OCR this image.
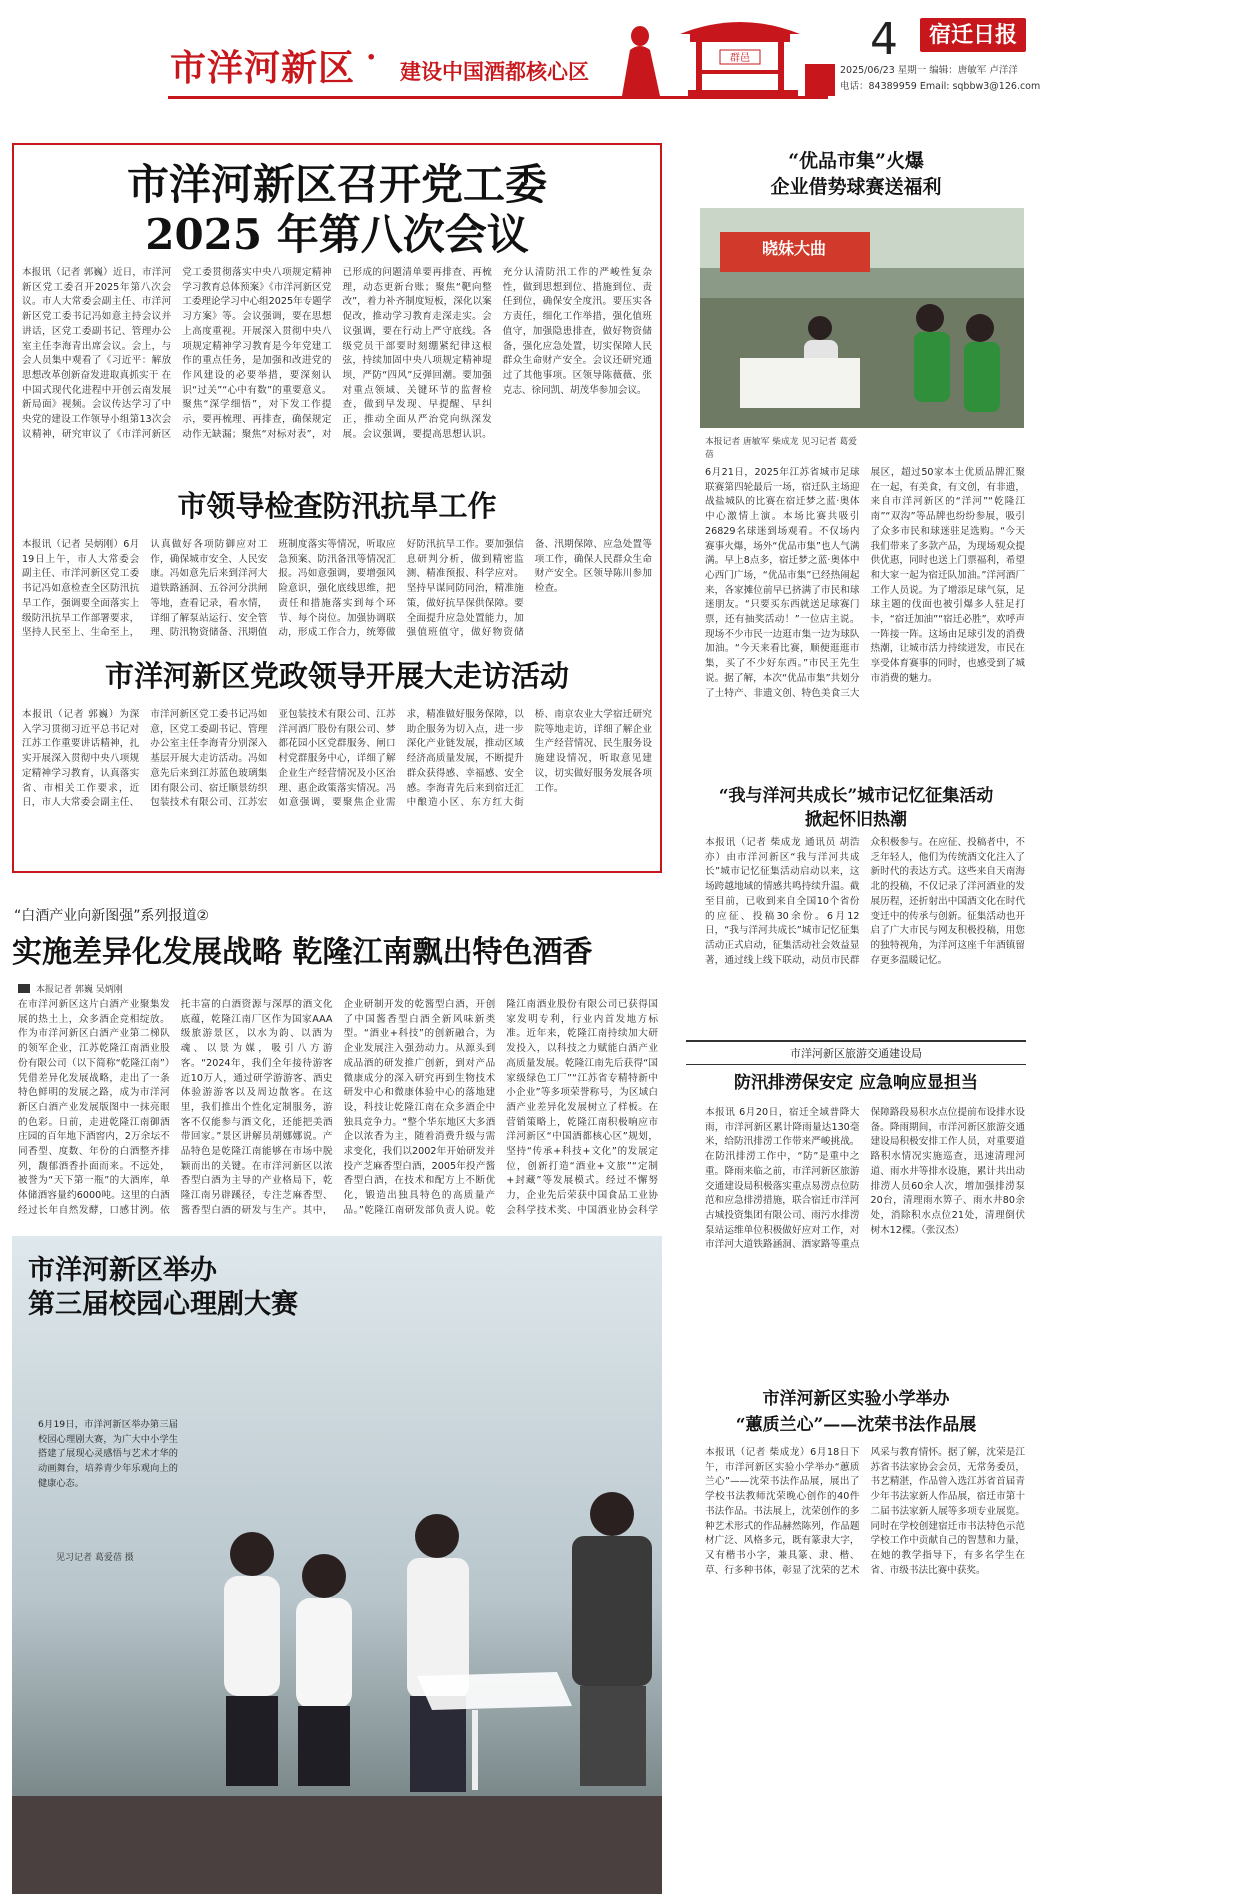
市洋河新区 · 建设中国酒都核心区
群邑	4	宿迁日报
2025/06/23 星期一 编辑：唐敏军 卢洋洋
电话：84389959 Email: sqbbw3@126.com
市洋河新区召开党工委
2025 年第八次会议
本报讯（记者 郭巍）近日，市洋河新区党工委召开2025年第八次会议。市人大常委会副主任、市洋河新区党工委书记冯如意主持会议并讲话，区党工委副书记、管理办公室主任李海青出席会议。会上，与会人员集中观看了《习近平：解放思想改革创新奋发进取真抓实干 在中国式现代化进程中开创云南发展新局面》视频。会议传达学习了中央党的建设工作领导小组第13次会议精神，研究审议了《市洋河新区党工委贯彻落实中央八项规定精神学习教育总体预案》《市洋河新区党工委理论学习中心组2025年专题学习方案》等。会议强调，要在思想上高度重视。开展深入贯彻中央八项规定精神学习教育是今年党建工作的重点任务，是加强和改进党的作风建设的必要举措，要深刻认识“过关”“心中有数”的重要意义。聚焦“深学细悟”，对下发工作提示，要再梳理、再排查，确保规定动作无缺漏；聚焦“对标对表”，对已形成的问题清单要再排查、再梳理，动态更新台账；聚焦“靶向整改”，着力补齐制度短板，深化以案促改，推动学习教育走深走实。会议强调，要在行动上严守底线。各级党员干部要时刻绷紧纪律这根弦，持续加固中央八项规定精神堤坝，严防“四风”反弹回潮。要加强对重点领域、关键环节的监督检查，做到早发现、早提醒、早纠正，推动全面从严治党向纵深发展。会议强调，要提高思想认识。充分认清防汛工作的严峻性复杂性，做到思想到位、措施到位、责任到位，确保安全度汛。要压实各方责任，细化工作举措，强化值班值守，加强隐患排查，做好物资储备，强化应急处置，切实保障人民群众生命财产安全。会议还研究通过了其他事项。区领导陈薇薇、张克志、徐同凯、胡茂华参加会议。
市领导检查防汛抗旱工作
本报讯（记者 吴炳刚）6月19日上午，市人大常委会副主任、市洋河新区党工委书记冯如意检查全区防汛抗旱工作，强调要全面落实上级防汛抗旱工作部署要求，坚持人民至上、生命至上，认真做好各项防御应对工作，确保城市安全、人民安康。冯如意先后来到洋河大道铁路涵洞、五谷河分洪闸等地，查看记录，看水情，详细了解泵站运行、安全管理、防汛物资储备、汛期值班制度落实等情况，听取应急预案、防汛备汛等情况汇报。冯如意强调，要增强风险意识，强化底线思维，把责任和措施落实到每个环节、每个岗位。加强协调联动，形成工作合力，统筹做好防汛抗旱工作。要加强信息研判分析，做到精密监测、精准预报、科学应对。坚持早谋同防同治，精准施策，做好抗旱保供保障。要全面提升应急处置能力，加强值班值守，做好物资储备、汛期保障、应急处置等项工作，确保人民群众生命财产安全。区领导陈川参加检查。
市洋河新区党政领导开展大走访活动
本报讯（记者 郭巍）为深入学习贯彻习近平总书记对江苏工作重要讲话精神，扎实开展深入贯彻中央八项规定精神学习教育，认真落实省、市相关工作要求，近日，市人大常委会副主任、市洋河新区党工委书记冯如意，区党工委副书记、管理办公室主任李海青分别深入基层开展大走访活动。冯如意先后来到江苏蓝色玻璃集团有限公司、宿迁顺景纺织包装技术有限公司、江苏宏亚包装技术有限公司、江苏洋河酒厂股份有限公司、梦都花园小区党群服务、闸口村党群服务中心，详细了解企业生产经营情况及小区治理、惠企政策落实情况。冯如意强调，要聚焦企业需求，精准做好服务保障，以助企服务为切入点，进一步深化产业链发展，推动区域经济高质量发展，不断提升群众获得感、幸福感、安全感。李海青先后来到宿迁汇中酿造小区、东方红大街桥、南京农业大学宿迁研究院等地走访，详细了解企业生产经营情况、民生服务设施建设情况，听取意见建议，切实做好服务发展各项工作。
“白酒产业向新图强”系列报道②
实施差异化发展战略 乾隆江南飘出特色酒香
本报记者 郭巍 吴炳刚
在市洋河新区这片白酒产业聚集发展的热土上，众多酒企竞相绽放。作为市洋河新区白酒产业第二梯队的领军企业，江苏乾隆江南酒业股份有限公司（以下简称“乾隆江南”）凭借差异化发展战略，走出了一条特色鲜明的发展之路，成为市洋河新区白酒产业发展版图中一抹亮眼的色彩。日前，走进乾隆江南御酒庄园的百年地下酒窖内，2万余坛不同香型、度数、年份的白酒整齐排列，馥郁酒香扑面而来。不远处，被誉为“天下第一瓶”的大酒库，单体储酒容量约6000吨。这里的白酒经过长年自然发酵，口感甘洌。依托丰富的白酒资源与深厚的酒文化底蕴，乾隆江南厂区作为国家AAA级旅游景区，以水为韵、以酒为魂、以景为媒，吸引八方游客。“2024年，我们全年接待游客近10万人，通过研学游游客、酒史体验游游客以及周边散客。在这里，我们推出个性化定制服务，游客不仅能参与酒文化，还能把美酒带回家。”景区讲解员胡娜娜说。产品特色是乾隆江南能够在市场中脱颖而出的关键。在市洋河新区以浓香型白酒为主导的产业格局下，乾隆江南另辟蹊径，专注芝麻香型、酱香型白酒的研发与生产。其中，企业研制开发的乾酱型白酒，开创了中国酱香型白酒全新风味新类型。“酒业+科技”的创新融合，为企业发展注入强劲动力。从源头到成品酒的研发推广创新，到对产品微康成分的深入研究再到生物技术研发中心和微康体验中心的落地建设，科技让乾隆江南在众多酒企中独具竞争力。“整个华东地区大多酒企以浓香为主，随着消费升级与需求变化，我们以2002年开始研发并投产芝麻香型白酒，2005年投产酱香型白酒，在技术和配方上不断优化，锻造出独具特色的高质量产品。”乾隆江南研发部负责人说。乾隆江南酒业股份有限公司已获得国家发明专利，行业内首发地方标准。近年来，乾隆江南持续加大研发投入，以科技之力赋能白酒产业高质量发展。乾隆江南先后获得“国家级绿色工厂”“江苏省专精特新中小企业”等多项荣誉称号，为区域白酒产业差异化发展树立了样板。在营销策略上，乾隆江南积极响应市洋河新区“中国酒都核心区”规划，坚持“传承+科技+文化”的发展定位，创新打造“酒业+文旅”“定制+封藏”等发展模式。经过不懈努力，企业先后荣获中国食品工业协会科学技术奖、中国酒业协会科学
市洋河新区举办
第三届校园心理剧大赛
6月19日，市洋河新区举办第三届校园心理剧大赛，为广大中小学生搭建了展现心灵感悟与艺术才华的动画舞台，培养青少年乐观向上的健康心态。
见习记者 葛爱蓓 摄
“优品市集”火爆
企业借势球赛送福利
晓妹大曲
本报记者 唐敏军 柴成龙 见习记者 葛爱蓓
6月21日，2025年江苏省城市足球联赛第四轮最后一场，宿迁队主场迎战盐城队的比赛在宿迁梦之蓝·奥体中心激情上演。本场比赛共吸引26829名球迷到场观看。不仅场内赛事火爆，场外“优品市集”也人气满满。早上8点多，宿迁梦之蓝·奥体中心西门广场，“优品市集”已经热闹起来，各家摊位前早已挤满了市民和球迷朋友。“只要买东西就送足球赛门票，还有抽奖活动！”一位店主说。现场不少市民一边逛市集一边为球队加油。“今天来看比赛，顺便逛逛市集，买了不少好东西。”市民王先生说。据了解，本次“优品市集”共划分了土特产、非遗文创、特色美食三大展区，超过50家本土优质品牌汇聚在一起，有美食，有文创，有非遗，来自市洋河新区的“洋河”“乾隆江南”“双沟”等品牌也纷纷参展，吸引了众多市民和球迷驻足选购。“今天我们带来了多款产品，为现场观众提供优惠，同时也送上门票福利，希望和大家一起为宿迁队加油。”洋河酒厂工作人员说。为了增添足球气氛，足球主题的伐面也被引爆多人驻足打卡，“宿迁加油”“宿迁必胜”，欢呼声一阵接一阵。这场由足球引发的消费热潮，让城市活力持续迸发，市民在享受体育赛事的同时，也感受到了城市消费的魅力。
“我与洋河共成长”城市记忆征集活动
掀起怀旧热潮
本报讯（记者 柴成龙 通讯员 胡浩亦）由市洋河新区“我与洋河共成长”城市记忆征集活动启动以来，这场跨越地域的情感共鸣持续升温。截至目前，已收到来自全国10个省份的应征、投稿30余份。6月12日，“我与洋河共成长”城市记忆征集活动正式启动，征集活动社会效益显著，通过线上线下联动，动员市民群众积极参与。在应征、投稿者中，不乏年轻人，他们为传统酒文化注入了新时代的表达方式。这些来自天南海北的投稿，不仅记录了洋河酒业的发展历程，还折射出中国酒文化在时代变迁中的传承与创新。征集活动也开启了广大市民与网友积极投稿，用您的独特视角，为洋河这座千年酒镇留存更多温暖记忆。
市洋河新区旅游交通建设局
防汛排涝保安定 应急响应显担当
本报讯 6月20日，宿迁全域普降大雨，市洋河新区累计降雨量达130毫米，给防汛排涝工作带来严峻挑战。在防汛排涝工作中，“防”是重中之重。降雨来临之前，市洋河新区旅游交通建设局积极落实重点易涝点位防范和应急排涝措施，联合宿迁市洋河古城投资集团有限公司、雨污水排涝泵站运维单位积极做好应对工作，对市洋河大道铁路涵洞、酒家路等重点保障路段易积水点位提前布设排水设备。降雨期间，市洋河新区旅游交通建设局积极安排工作人员，对重要道路积水情况实施巡查，迅速清理河道、雨水井等排水设施，累计共出动排涝人员60余人次，增加强排涝泵20台，清理雨水箅子、雨水井80余处，消除积水点位21处，清理倒伏树木12棵。（张汉杰）
市洋河新区实验小学举办
“蕙质兰心”——沈荣书法作品展
本报讯（记者 柴成龙）6月18日下午，市洋河新区实验小学举办“蕙质兰心”——沈荣书法作品展，展出了学校书法教师沈荣晚心创作的40件书法作品。书法展上，沈荣创作的多种艺术形式的作品赫然陈列，作品题材广泛、风格多元，既有篆隶大字，又有楷书小字，兼具篆、隶、楷、草、行多种书体，彰显了沈荣的艺术风采与教育情怀。据了解，沈荣是江苏省书法家协会会员，无常务委员，书艺精湛，作品曾入选江苏省首届青少年书法家新人作品展，宿迁市第十二届书法家新人展等多项专业展览。同时在学校创建宿迁市书法特色示范学校工作中贡献自己的智慧和力量，在她的教学指导下，有多名学生在省、市级书法比赛中获奖。
